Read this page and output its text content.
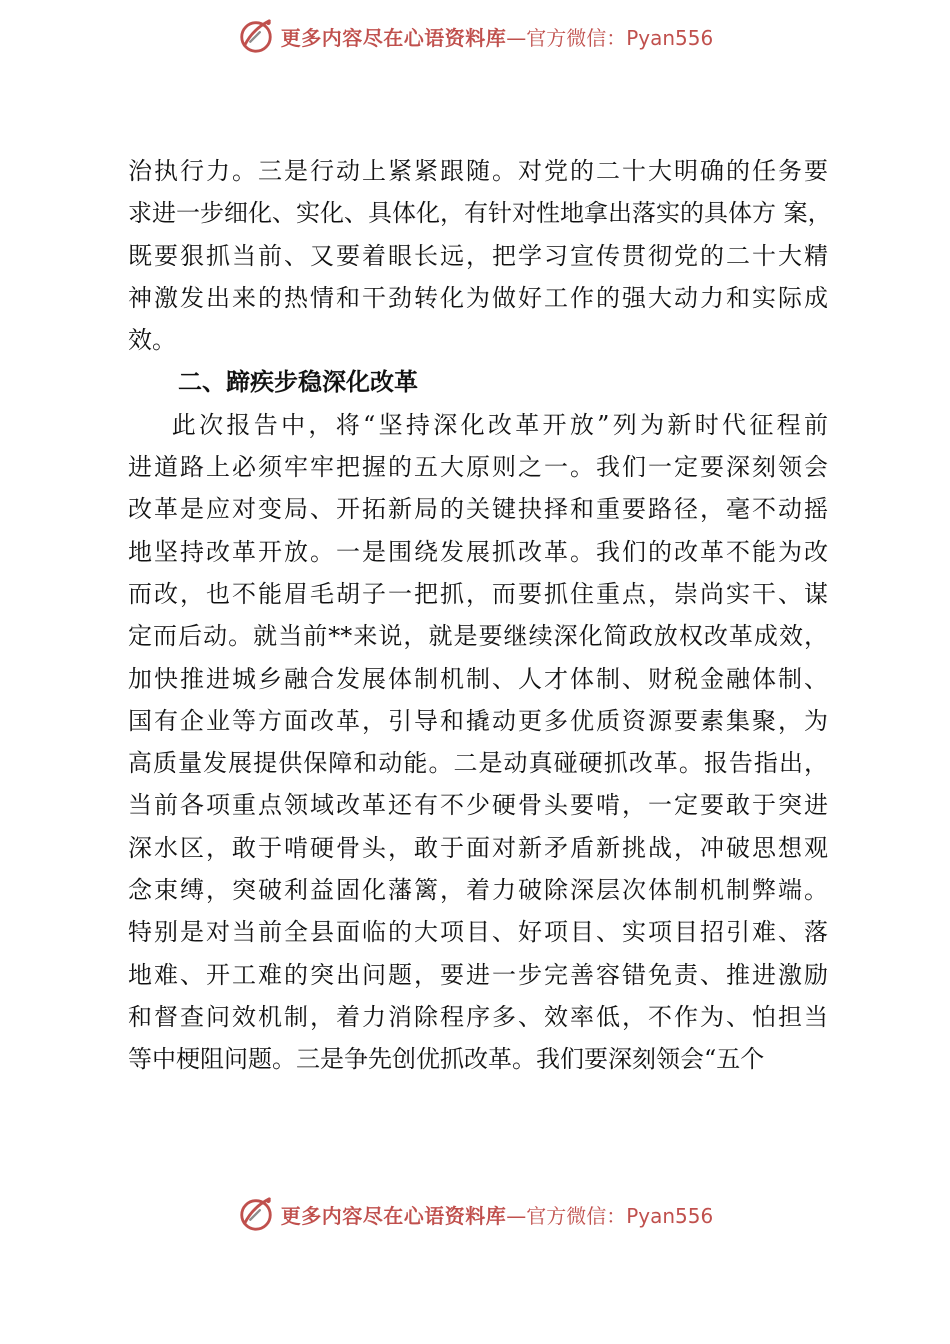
更多内容尽在心语资料库 —官方微信：Pyan556
治执行力。三是行动上紧紧跟随。对党的二十大明确的任务要
求进一步细化、实化、具体化，有针对性地拿出落实的具体方 案，
既要狠抓当前、又要着眼长远，把学习宣传贯彻党的二十大精
神激发出来的热情和干劲转化为做好工作的强大动力和实际成
效。
二、蹄疾步稳深化改革
此次报告中，将“坚持深化改革开放”列为新时代征程前
进道路上必须牢牢把握的五大原则之一。我们一定要深刻领会
改革是应对变局、开拓新局的关键抉择和重要路径，毫不动摇
地坚持改革开放。一是围绕发展抓改革。我们的改革不能为改
而改，也不能眉毛胡子一把抓，而要抓住重点，崇尚实干、谋
定而后动。就当前**来说，就是要继续深化简政放权改革成效，
加快推进城乡融合发展体制机制、人才体制、财税金融体制、
国有企业等方面改革，引导和撬动更多优质资源要素集聚，为
高质量发展提供保障和动能。二是动真碰硬抓改革。报告指出，
当前各项重点领域改革还有不少硬骨头要啃，一定要敢于突进
深水区，敢于啃硬骨头，敢于面对新矛盾新挑战，冲破思想观
念束缚，突破利益固化藩篱，着力破除深层次体制机制弊端。
特别是对当前全县面临的大项目、好项目、实项目招引难、落
地难、开工难的突出问题，要进一步完善容错免责、推进激励
和督查问效机制，着力消除程序多、效率低，不作为、怕担当
等中梗阻问题。三是争先创优抓改革。我们要深刻领会“五个
更多内容尽在心语资料库 —官方微信：Pyan556
